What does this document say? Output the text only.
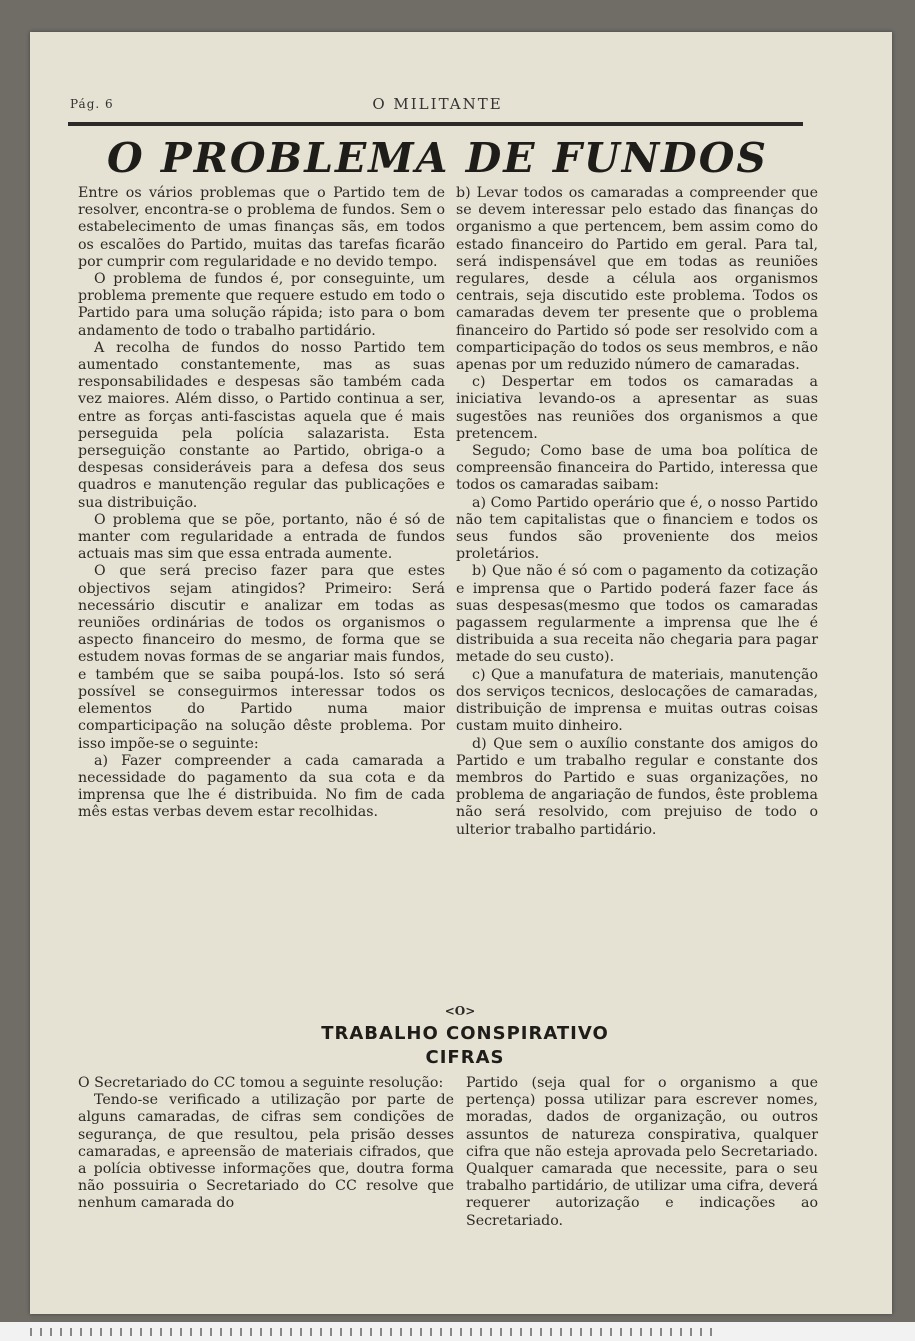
Pág. 6	O MILITANTE
O PROBLEMA DE FUNDOS

Entre os vários problemas que o Partido tem de resolver, encontra-se o problema de fundos. Sem o estabelecimento de umas finanças sãs, em todos os escalões do Partido, muitas das tarefas ficarão por cumprir com regularidade e no devido tempo.

O problema de fundos é, por conseguinte, um problema premente que requere estudo em todo o Partido para uma solução rápida; isto para o bom andamento de todo o trabalho partidário.

A recolha de fundos do nosso Partido tem aumentado constantemente, mas as suas responsabilidades e despesas são também cada vez maiores. Além disso, o Partido continua a ser, entre as forças anti-fascistas aquela que é mais perseguida pela polícia salazarista. Esta perseguição constante ao Partido, obriga-o a despesas consideráveis para a defesa dos seus quadros e manutenção regular das publicações e sua distribuição.

O problema que se põe, portanto, não é só de manter com regularidade a entrada de fundos actuais mas sim que essa entrada aumente.

O que será preciso fazer para que estes objectivos sejam atingidos? Primeiro: Será necessário discutir e analizar em todas as reuniões ordinárias de todos os organismos o aspecto financeiro do mesmo, de forma que se estudem novas formas de se angariar mais fundos, e também que se saiba poupá-los. Isto só será possível se conseguirmos interessar todos os elementos do Partido numa maior comparticipação na solução dêste problema. Por isso impõe-se o seguinte:

a) Fazer compreender a cada camarada a necessidade do pagamento da sua cota e da imprensa que lhe é distribuida. No fim de cada mês estas verbas devem estar recolhidas.

b) Levar todos os camaradas a compreender que se devem interessar pelo estado das finanças do organismo a que pertencem, bem assim como do estado financeiro do Partido em geral. Para tal, será indispensável que em todas as reuniões regulares, desde a célula aos organismos centrais, seja discutido este problema. Todos os camaradas devem ter presente que o problema financeiro do Partido só pode ser resolvido com a comparticipação do todos os seus membros, e não apenas por um reduzido número de camaradas.

c) Despertar em todos os camaradas a iniciativa levando-os a apresentar as suas sugestões nas reuniões dos organismos a que pretencem.

Segudo; Como base de uma boa política de compreensão financeira do Partido, interessa que todos os camaradas saibam:

a) Como Partido operário que é, o nosso Partido não tem capitalistas que o financiem e todos os seus fundos são proveniente dos meios proletários.

b) Que não é só com o pagamento da cotização e imprensa que o Partido poderá fazer face ás suas despesas(mesmo que todos os camaradas pagassem regularmente a imprensa que lhe é distribuida a sua receita não chegaria para pagar metade do seu custo).

c) Que a manufatura de materiais, manutenção dos serviços tecnicos, deslocações de camaradas, distribuição de imprensa e muitas outras coisas custam muito dinheiro.

d) Que sem o auxílio constante dos amigos do Partido e um trabalho regular e constante dos membros do Partido e suas organizações, no problema de angariação de fundos, êste problema não será resolvido, com prejuiso de todo o ulterior trabalho partidário.

<O>
TRABALHO CONSPIRATIVO
CIFRAS

O Secretariado do CC tomou a seguinte resolução:

Tendo-se verificado a utilização por parte de alguns camaradas, de cifras sem condições de segurança, de que resultou, pela prisão desses camaradas, e apreensão de materiais cifrados, que a polícia obtivesse informações que, doutra forma não possuiria o Secretariado do CC resolve que nenhum camarada do

Partido (seja qual for o organismo a que pertença) possa utilizar para escrever nomes, moradas, dados de organização, ou outros assuntos de natureza conspirativa, qualquer cifra que não esteja aprovada pelo Secretariado. Qualquer camarada que necessite, para o seu trabalho partidário, de utilizar uma cifra, deverá requerer autorização e indicações ao Secretariado.
